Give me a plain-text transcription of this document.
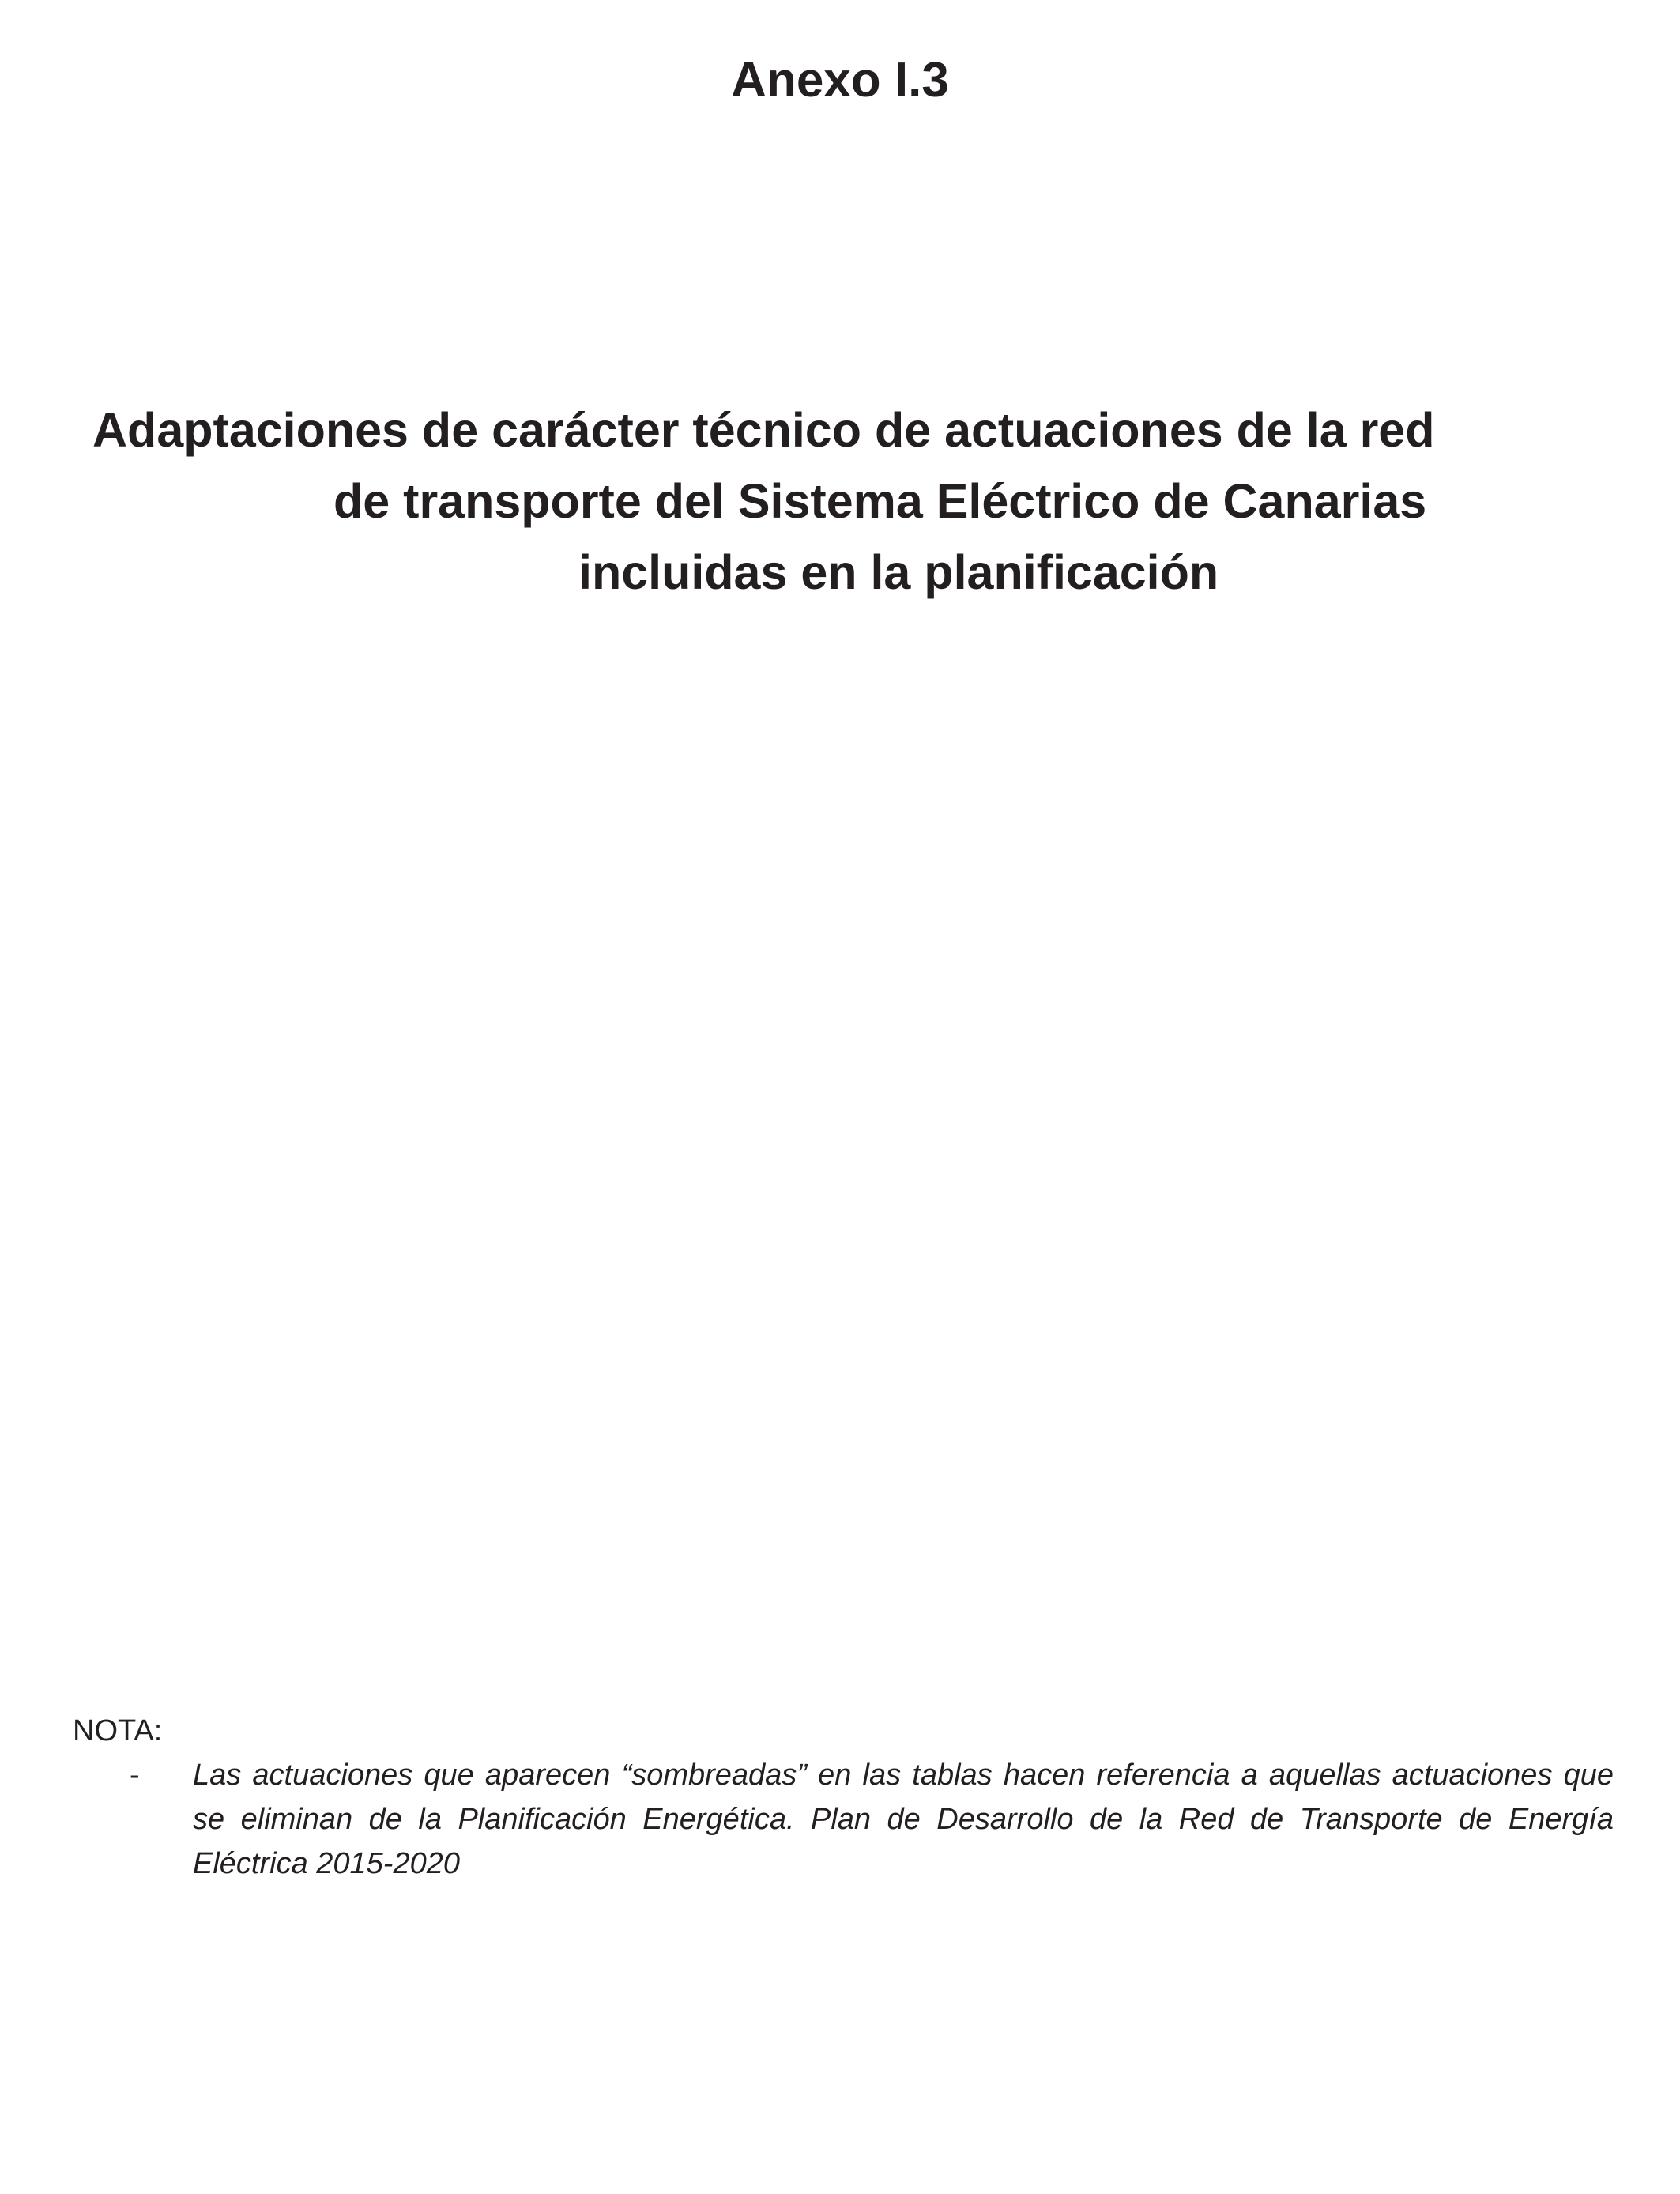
Anexo I.3
Adaptaciones de carácter técnico de actuaciones de la red
de transporte del Sistema Eléctrico de Canarias
incluidas en la planificación

NOTA:

- Las actuaciones que aparecen “sombreadas” en las tablas hacen referencia a aquellas actuaciones que se eliminan de la Planificación Energética. Plan de Desarrollo de la Red de Transporte de Energía Eléctrica 2015-2020
